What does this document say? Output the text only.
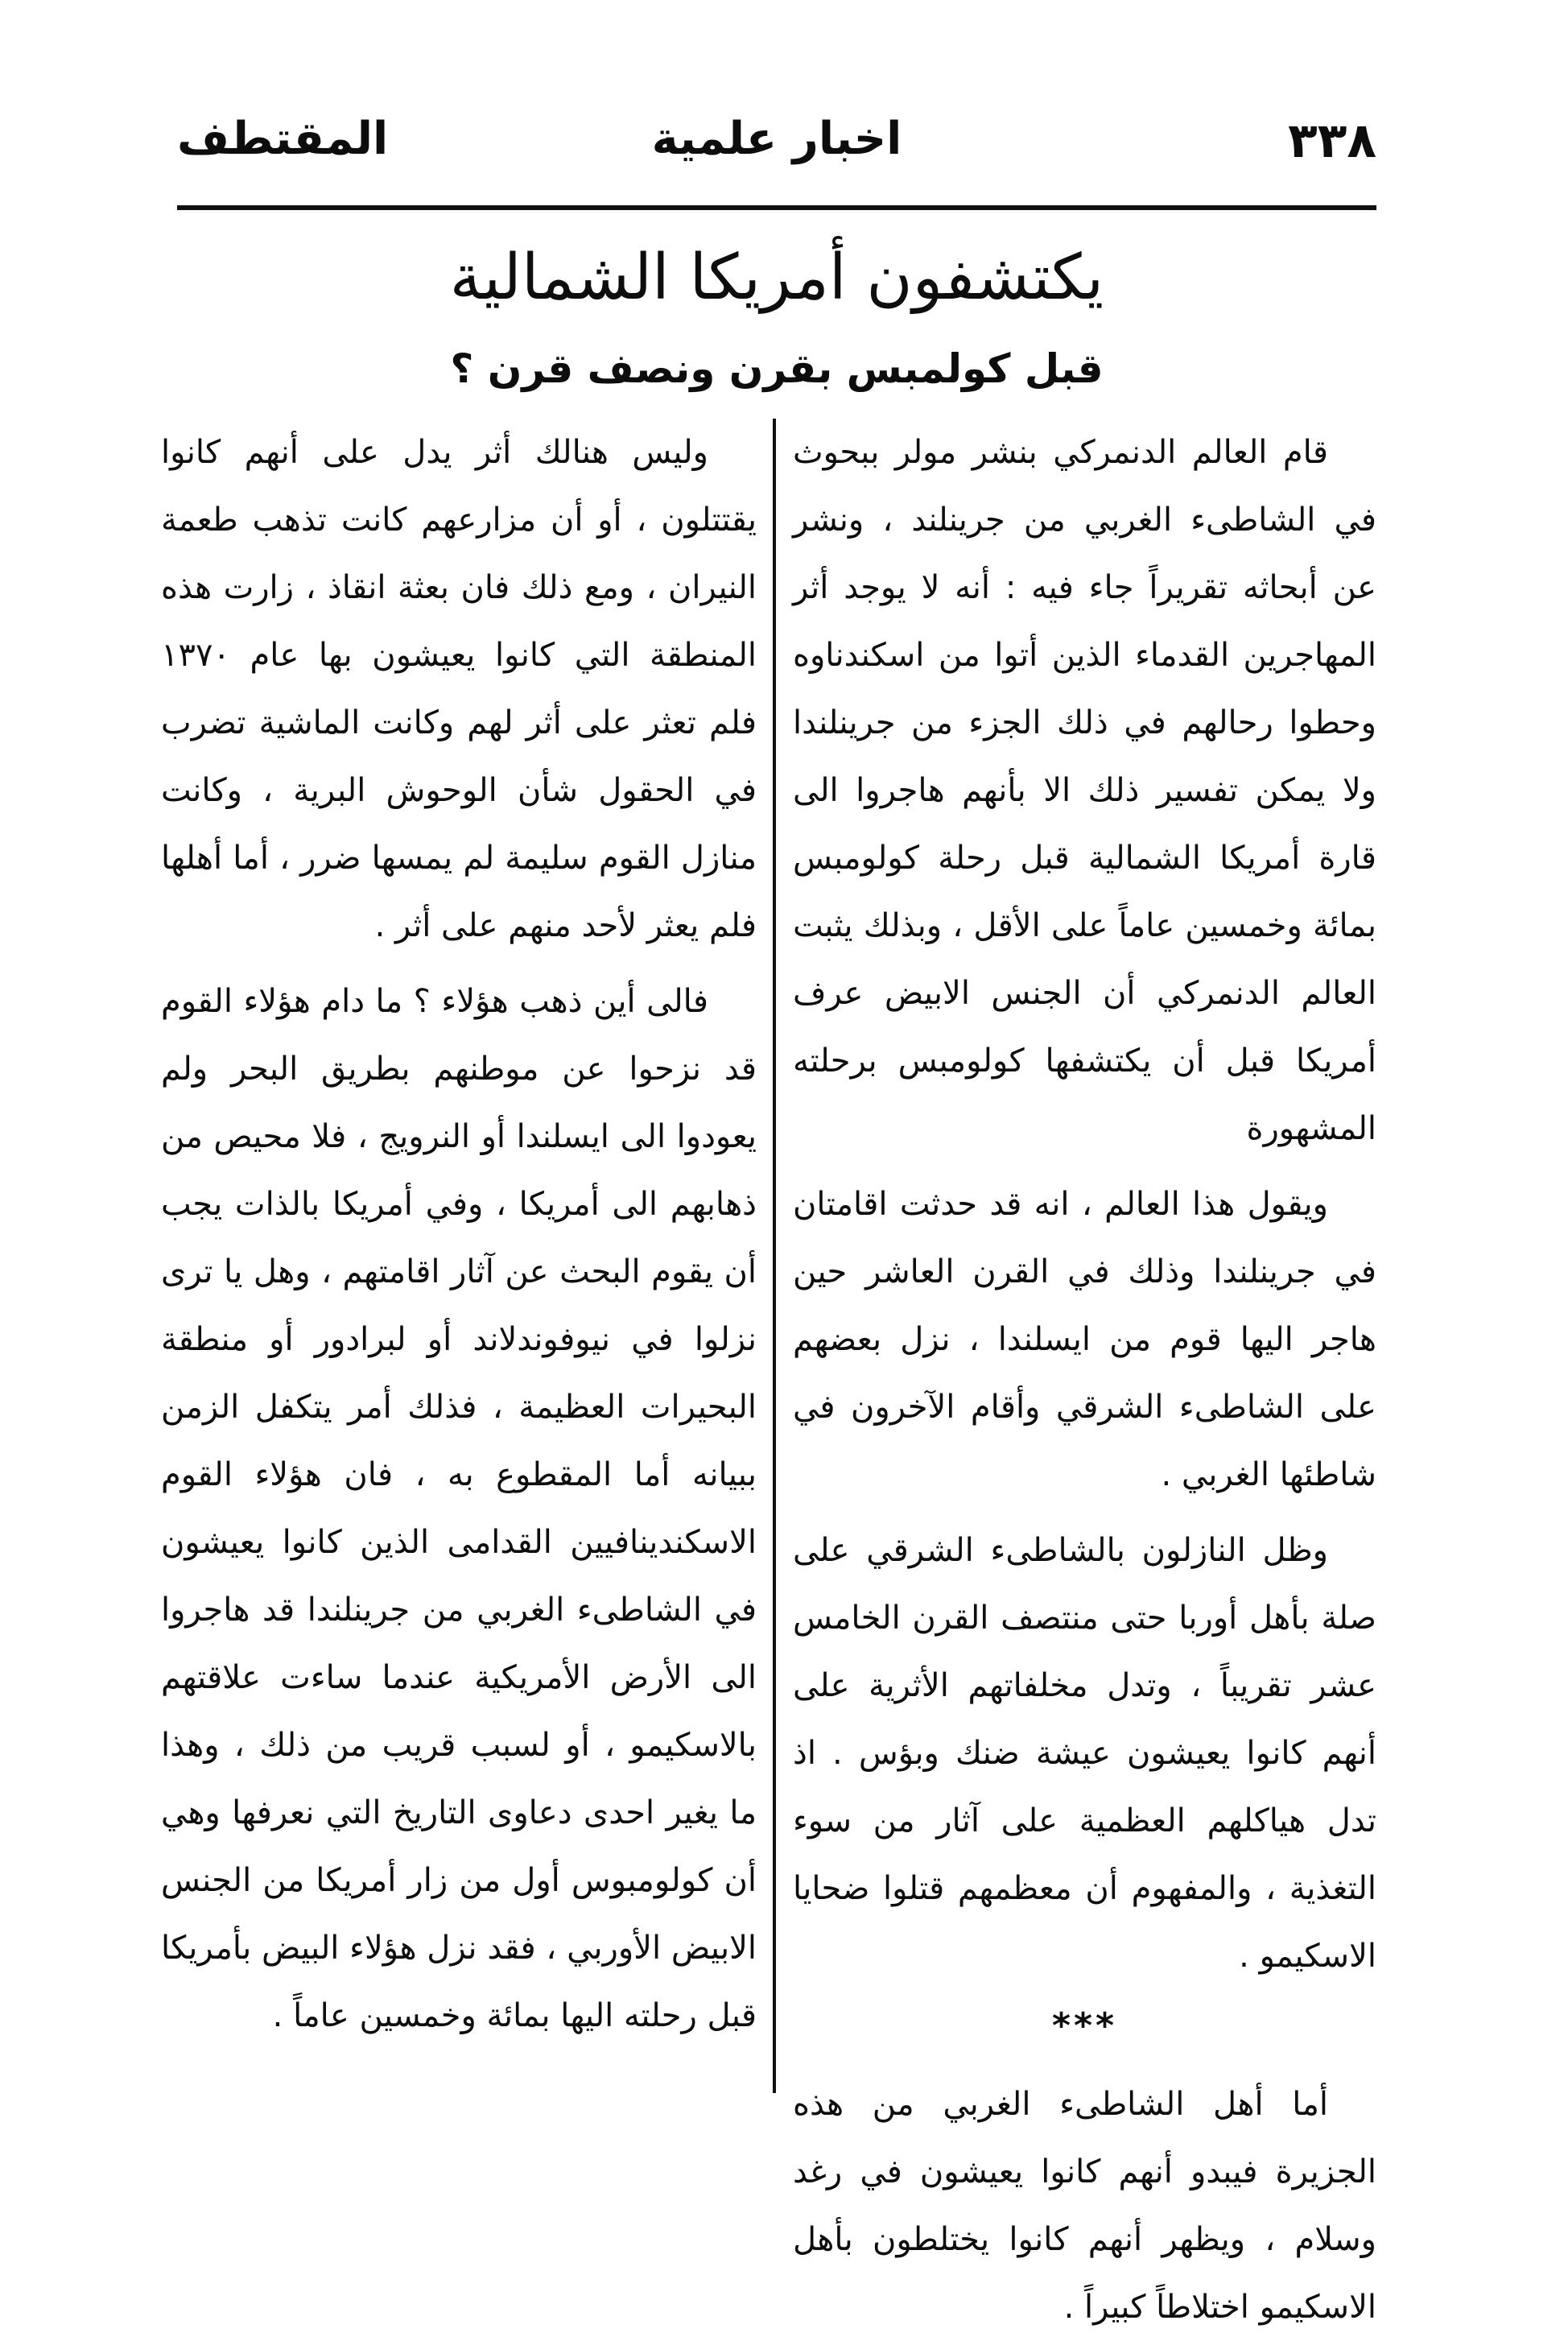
٣٣٨
اخبار علمية
المقتطف
يكتشفون أمريكا الشمالية
قبل كولمبس بقرن ونصف قرن ؟

قام العالم الدنمركي بنشر مولر ببحوث في الشاطىء الغربي من جرينلند ، ونشر عن أبحاثه تقريراً جاء فيه : أنه لا يوجد أثر المهاجرين القدماء الذين أتوا من اسكندناوه وحطوا رحالهم في ذلك الجزء من جرينلندا ولا يمكن تفسير ذلك الا بأنهم هاجروا الى قارة أمريكا الشمالية قبل رحلة كولومبس بمائة وخمسين عاماً على الأقل ، وبذلك يثبت العالم الدنمركي أن الجنس الابيض عرف أمريكا قبل أن يكتشفها كولومبس برحلته المشهورة

ويقول هذا العالم ، انه قد حدثت اقامتان في جرينلندا وذلك في القرن العاشر حين هاجر اليها قوم من ايسلندا ، نزل بعضهم على الشاطىء الشرقي وأقام الآخرون في شاطئها الغربي .

وظل النازلون بالشاطىء الشرقي على صلة بأهل أوربا حتى منتصف القرن الخامس عشر تقريباً ، وتدل مخلفاتهم الأثرية على أنهم كانوا يعيشون عيشة ضنك وبؤس . اذ تدل هياكلهم العظمية على آثار من سوء التغذية ، والمفهوم أن معظمهم قتلوا ضحايا الاسكيمو .

***

أما أهل الشاطىء الغربي من هذه الجزيرة فيبدو أنهم كانوا يعيشون في رغد وسلام ، ويظهر أنهم كانوا يختلطون بأهل الاسكيمو اختلاطاً كبيراً .

وليس هنالك أثر يدل على أنهم كانوا يقتتلون ، أو أن مزارعهم كانت تذهب طعمة النيران ، ومع ذلك فان بعثة انقاذ ، زارت هذه المنطقة التي كانوا يعيشون بها عام ١٣٧٠ فلم تعثر على أثر لهم وكانت الماشية تضرب في الحقول شأن الوحوش البرية ، وكانت منازل القوم سليمة لم يمسها ضرر ، أما أهلها فلم يعثر لأحد منهم على أثر .

فالى أين ذهب هؤلاء ؟ ما دام هؤلاء القوم قد نزحوا عن موطنهم بطريق البحر ولم يعودوا الى ايسلندا أو النرويج ، فلا محيص من ذهابهم الى أمريكا ، وفي أمريكا بالذات يجب أن يقوم البحث عن آثار اقامتهم ، وهل يا ترى نزلوا في نيوفوندلاند أو لبرادور أو منطقة البحيرات العظيمة ، فذلك أمر يتكفل الزمن ببيانه أما المقطوع به ، فان هؤلاء القوم الاسكندينافيين القدامى الذين كانوا يعيشون في الشاطىء الغربي من جرينلندا قد هاجروا الى الأرض الأمريكية عندما ساءت علاقتهم بالاسكيمو ، أو لسبب قريب من ذلك ، وهذا ما يغير احدى دعاوى التاريخ التي نعرفها وهي أن كولومبوس أول من زار أمريكا من الجنس الابيض الأوربي ، فقد نزل هؤلاء البيض بأمريكا قبل رحلته اليها بمائة وخمسين عاماً .
